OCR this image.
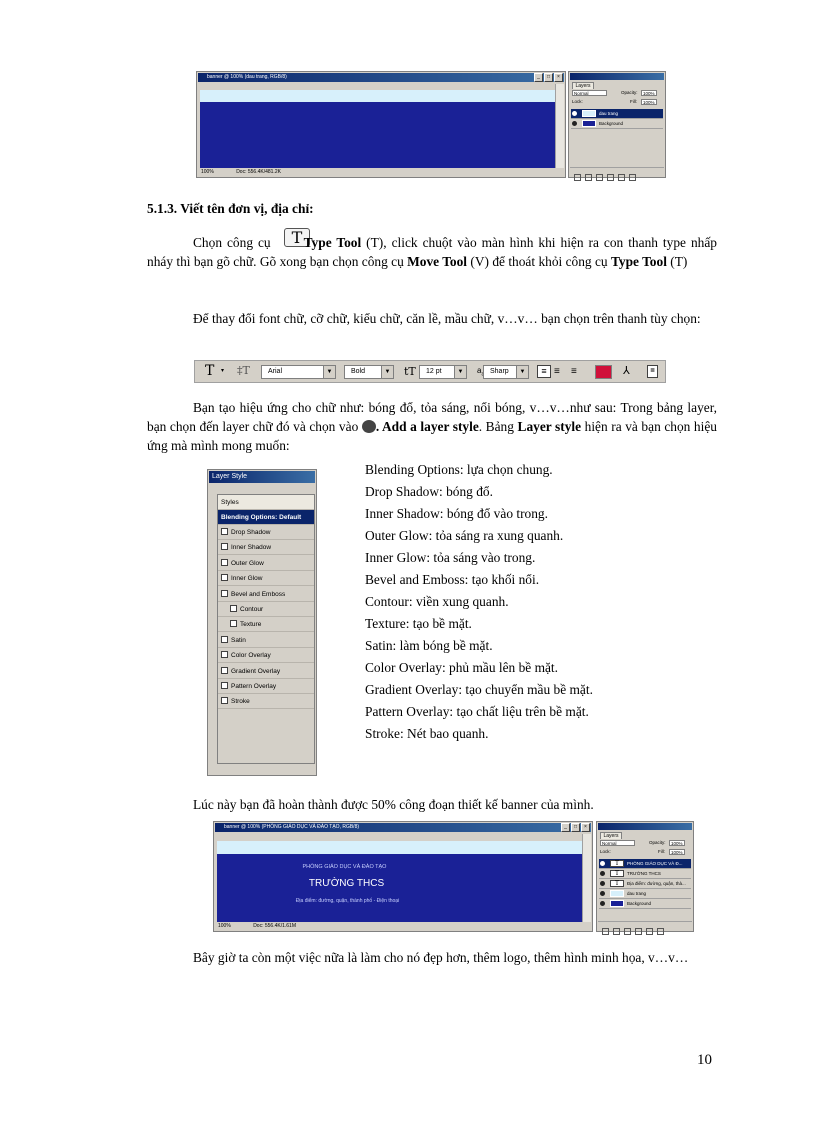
banner @ 100% (dau trang, RGB/8)	_	□	×
100%	Doc: 556.4K/481.2K
Layers
Normal	Opacity:	100%
Lock:	Fill:	100%
dau trang
Background
5.1.3. Viết tên đơn vị, địa chỉ:
T
Chọn công cụ Type Tool (T), click chuột vào màn hình khi hiện ra con thanh type nhấp nháy thì bạn gõ chữ. Gõ xong bạn chọn công cụ Move Tool (V) để thoát khỏi công cụ Type Tool (T)
Để thay đổi font chữ, cỡ chữ, kiểu chữ, căn lề, mầu chữ, v…v… bạn chọn trên thanh tùy chọn:
T ▾ ‡T	Arial	▼	Bold	▼ tT	12 pt	▼	a	Sharp	▼	≡ ≡ ≡	⅄	≣
Bạn tạo hiệu ứng cho chữ như: bóng đổ, tỏa sáng, nổi bóng, v…v…như sau: Trong bảng layer, bạn chọn đến layer chữ đó và chọn vào . Add a layer style. Bảng Layer style hiện ra và bạn chọn hiệu ứng mà mình mong muốn:
Layer Style
Styles
Blending Options: Default
Drop Shadow
Inner Shadow
Outer Glow
Inner Glow
Bevel and Emboss
Contour
Texture
Satin
Color Overlay
Gradient Overlay
Pattern Overlay
Stroke
Blending Options: lựa chọn chung.
Drop Shadow: bóng đổ.
Inner Shadow: bóng đổ vào trong.
Outer Glow: tỏa sáng ra xung quanh.
Inner Glow: tỏa sáng vào trong.
Bevel and Emboss: tạo khối nổi.
Contour: viền xung quanh.
Texture: tạo bề mặt.
Satin: làm bóng bề mặt.
Color Overlay: phủ mầu lên bề mặt.
Gradient Overlay: tạo chuyển mầu bề mặt.
Pattern Overlay: tạo chất liệu trên bề mặt.
Stroke: Nét bao quanh.
Lúc này bạn đã hoàn thành được 50% công đoạn thiết kế banner của mình.
banner @ 100% (PHÒNG GIÁO DỤC VÀ ĐÀO TẠO, RGB/8)	_	□	×
PHÒNG GIÁO DỤC VÀ ĐÀO TẠO
TRƯỜNG THCS
Địa điểm: đường, quận, thành phố - Điện thoại
100%	Doc: 556.4K/1.61M
Layers
Normal	Opacity:	100%
Lock:	Fill:	100%
T	PHÒNG GIÁO DỤC VÀ Đ...
T	TRƯỜNG THCS
T	Địa điểm: đường, quận, thà...
dau trang
Background
Bây giờ ta còn một việc nữa là làm cho nó đẹp hơn, thêm logo, thêm hình minh họa, v…v…
10
